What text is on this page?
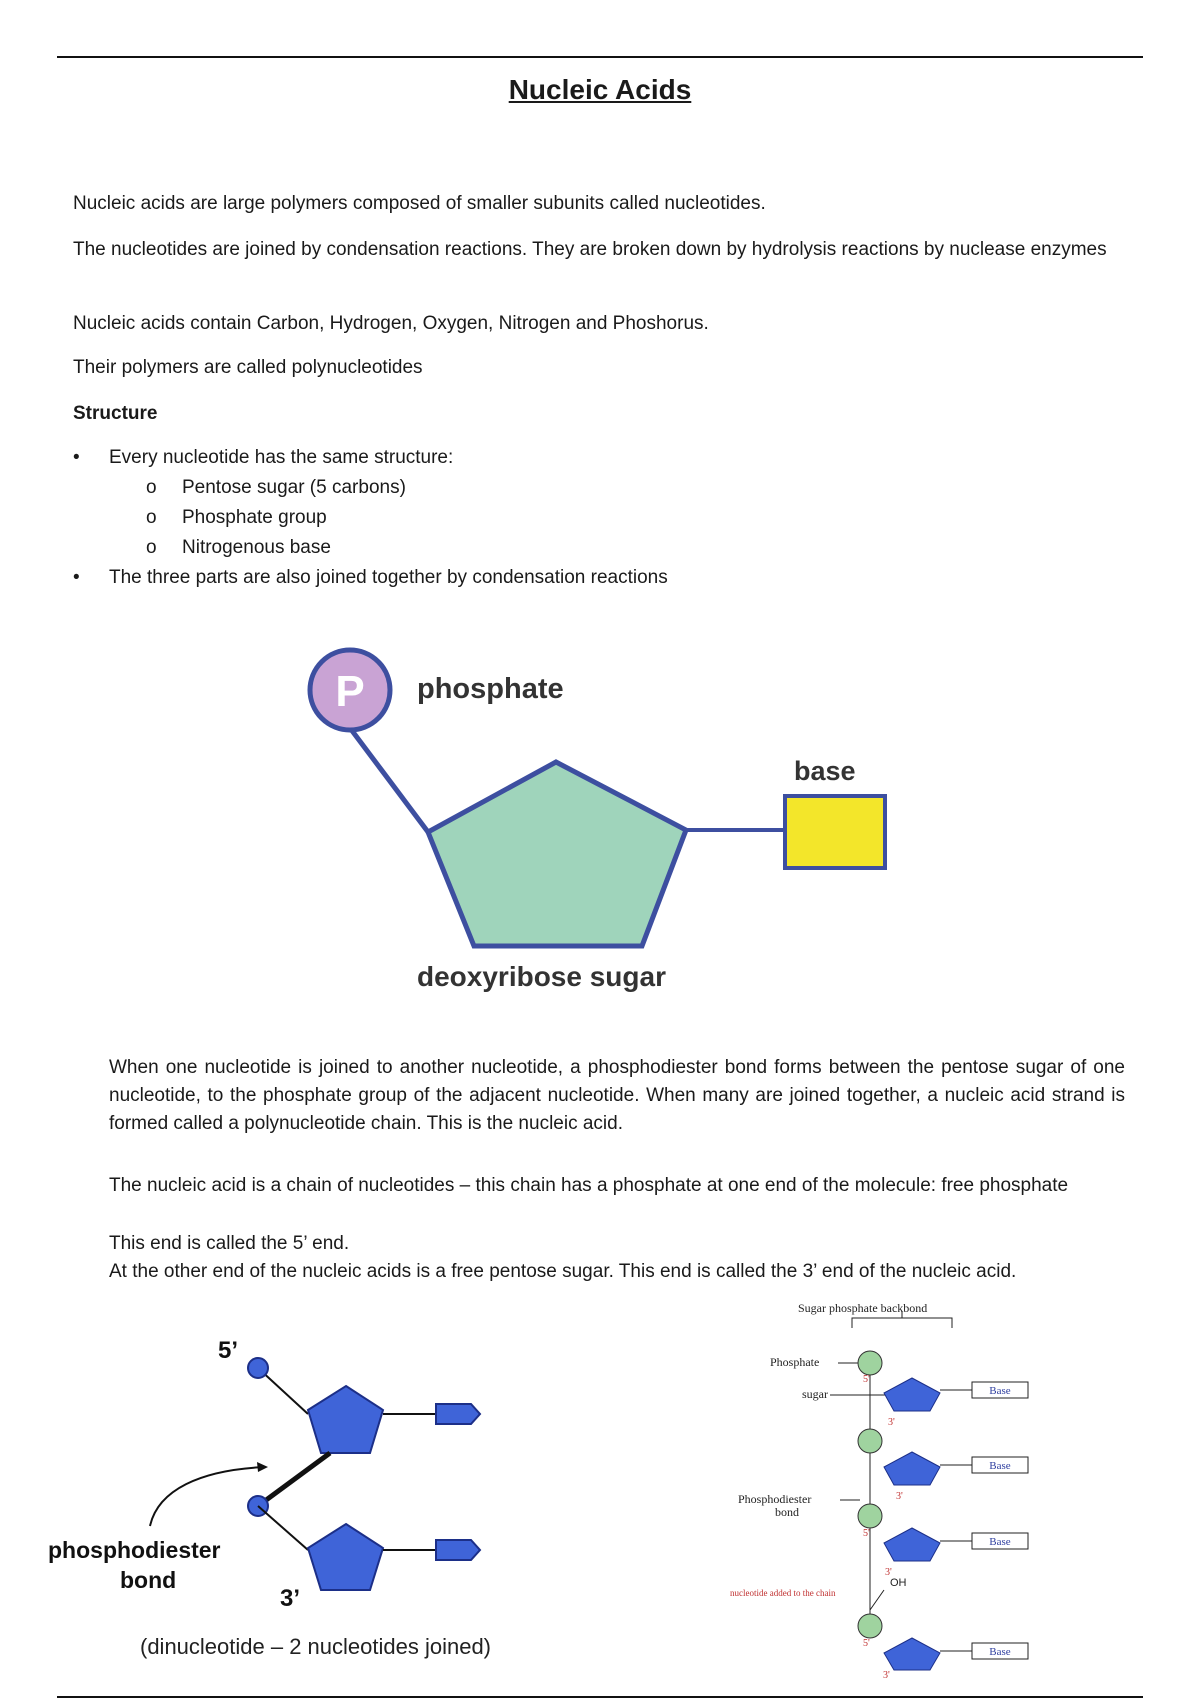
Nucleic Acids

Nucleic acids are large polymers composed of smaller subunits called nucleotides.

The nucleotides are joined by condensation reactions. They are broken down by hydrolysis reactions by nuclease enzymes

Nucleic acids contain Carbon, Hydrogen, Oxygen, Nitrogen and Phoshorus.

Their polymers are called polynucleotides

Structure
• Every nucleotide has the same structure:
o Pentose sugar (5 carbons)
o Phosphate group
o Nitrogenous base
• The three parts are also joined together by condensation reactions
P phosphate
base
deoxyribose sugar

When one nucleotide is joined to another nucleotide, a phosphodiester bond forms between the pentose sugar of one nucleotide, to the phosphate group of the adjacent nucleotide. When many are joined together, a nucleic acid strand is formed called a polynucleotide chain. This is the nucleic acid.

The nucleic acid is a chain of nucleotides – this chain has a phosphate at one end of the molecule: free phosphate

This end is called the 5’ end.

At the other end of the nucleic acids is a free pentose sugar. This end is called the 3’ end of the nucleic acid.

5’
phosphodiester
bond
3’
(dinucleotide – 2 nucleotides joined)
Sugar phosphate backbond
Phosphate
sugar
5'
3'
Base
3'
Base
Phosphodiester
bond
5'
Base
3'
OH
nucleotide added to the chain
5'
Base
3'
